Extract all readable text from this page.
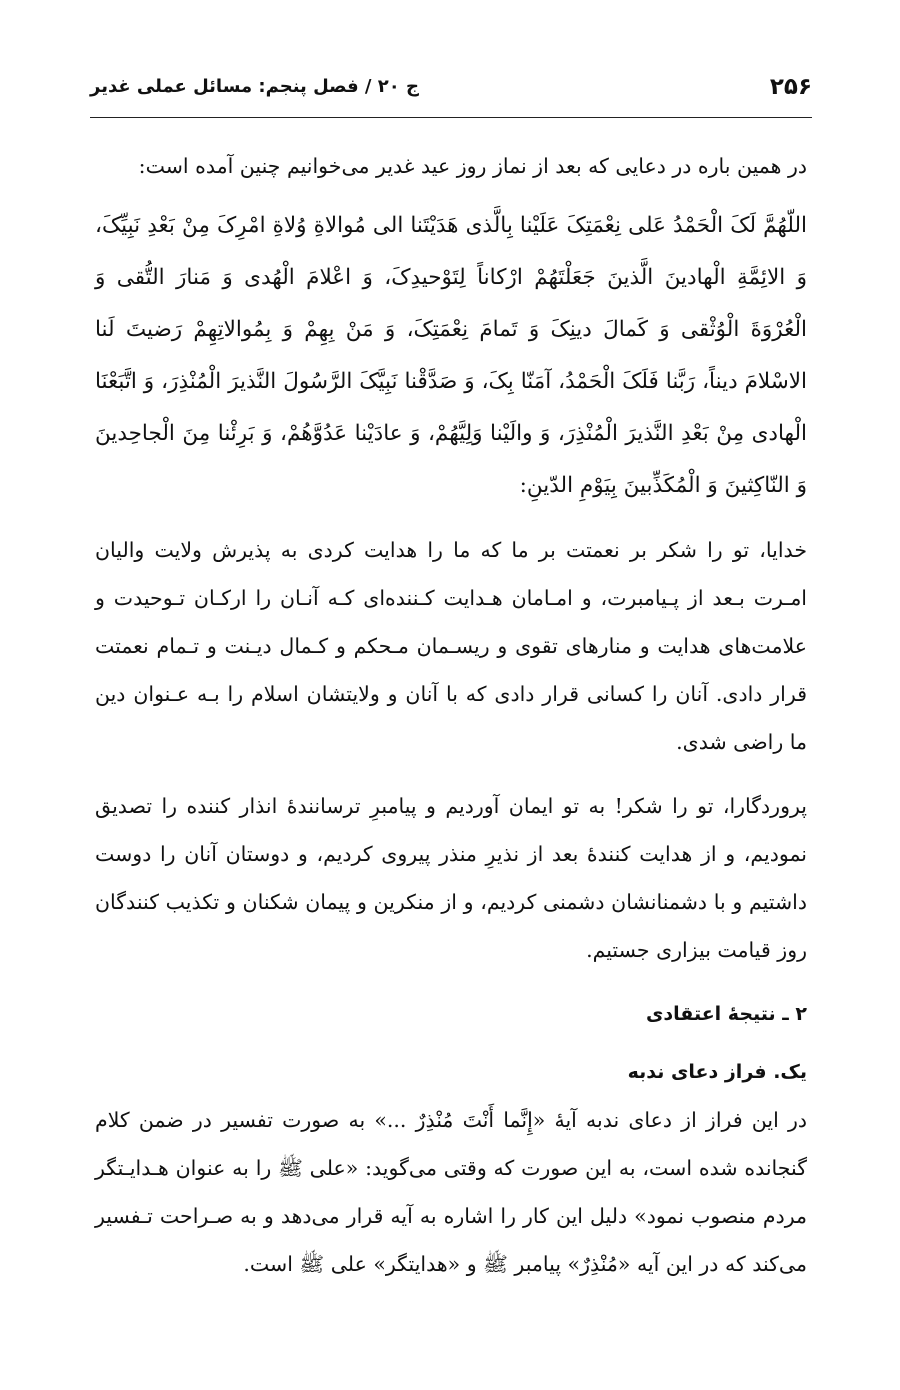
۲۵۶
ج ۲۰ / فصل پنجم: مسائل عملی غدیر

در همین باره در دعایی که بعد از نماز روز عید غدیر می‌خوانیم چنین آمده است:

اللّهُمَّ لَکَ الْحَمْدُ عَلى نِعْمَتِکَ عَلَیْنا بِالَّذی هَدَیْتَنا الى مُوالاةِ وُلاةِ امْرِکَ مِنْ بَعْدِ نَبِیِّکَ، وَ الائِمَّةِ الْهادینَ الَّذینَ جَعَلْتَهُمْ ارْکاناً لِتَوْحیدِکَ، وَ اعْلامَ الْهُدى وَ مَنارَ التُّقى وَ الْعُرْوَةَ الْوُثْقى وَ کَمالَ دینِکَ وَ تَمامَ نِعْمَتِکَ، وَ مَنْ بِهِمْ وَ بِمُوالاتِهِمْ رَضیتَ لَنا الاسْلامَ دیناً، رَبَّنا فَلَکَ الْحَمْدُ، آمَنّا بِکَ، وَ صَدَّقْنا نَبِیَّکَ الرَّسُولَ النَّذیرَ الْمُنْذِرَ، وَ اتَّبَعْنَا الْهادی مِنْ بَعْدِ النَّذیرَ الْمُنْذِرَ، وَ والَیْنا وَلِیَّهُمْ، وَ عادَیْنا عَدُوَّهُمْ، وَ بَرِئْنا مِنَ الْجاحِدینَ وَ النّاکِثینَ وَ الْمُکَذِّبینَ بِیَوْمِ الدّینِ:

خدایا، تو را شکر بر نعمتت بر ما که ما را هدایت کردی به پذیرش ولایت والیان امـرت بـعد از پـیامبرت، و امـامان هـدایت کـننده‌ای کـه آنـان را ارکـان تـوحیدت و علامت‌های هدایت و منارهای تقوى و ریسـمان مـحکم و کـمال دیـنت و تـمام نعمتت قرار دادى. آنان را کسانى قرار دادى که با آنان و ولایتشان اسلام را بـه عـنوان دین ما راضى شدى.

پروردگارا، تو را شکر! به تو ایمان آوردیم و پیامبرِ ترسانندۀ انذار کننده را تصدیق نمودیم، و از هدایت کنندۀ بعد از نذیرِ منذر پیروى کردیم، و دوستان آنان را دوست داشتیم و با دشمنانشان دشمنى کردیم، و از منکرین و پیمان شکنان و تکذیب کنندگان روز قیامت بیزارى جستیم.

۲ ـ نتیجۀ اعتقادى

یک. فراز دعاى ندبه

در این فراز از دعاى ندبه آیۀ «إِنَّما أَنْتَ مُنْذِرٌ ...» به صورت تفسیر در ضمن کلام گنجانده شده است، به این صورت که وقتى مى‌گوید: «على ﷺ را به عنوان هـدایـتگر مردم منصوب نمود» دلیل این کار را اشاره به آیه قرار مى‌دهد و به صـراحت تـفسیر مى‌کند که در این آیه «مُنْذِرٌ» پیامبر ﷺ و «هدایتگر» على ﷺ است.
